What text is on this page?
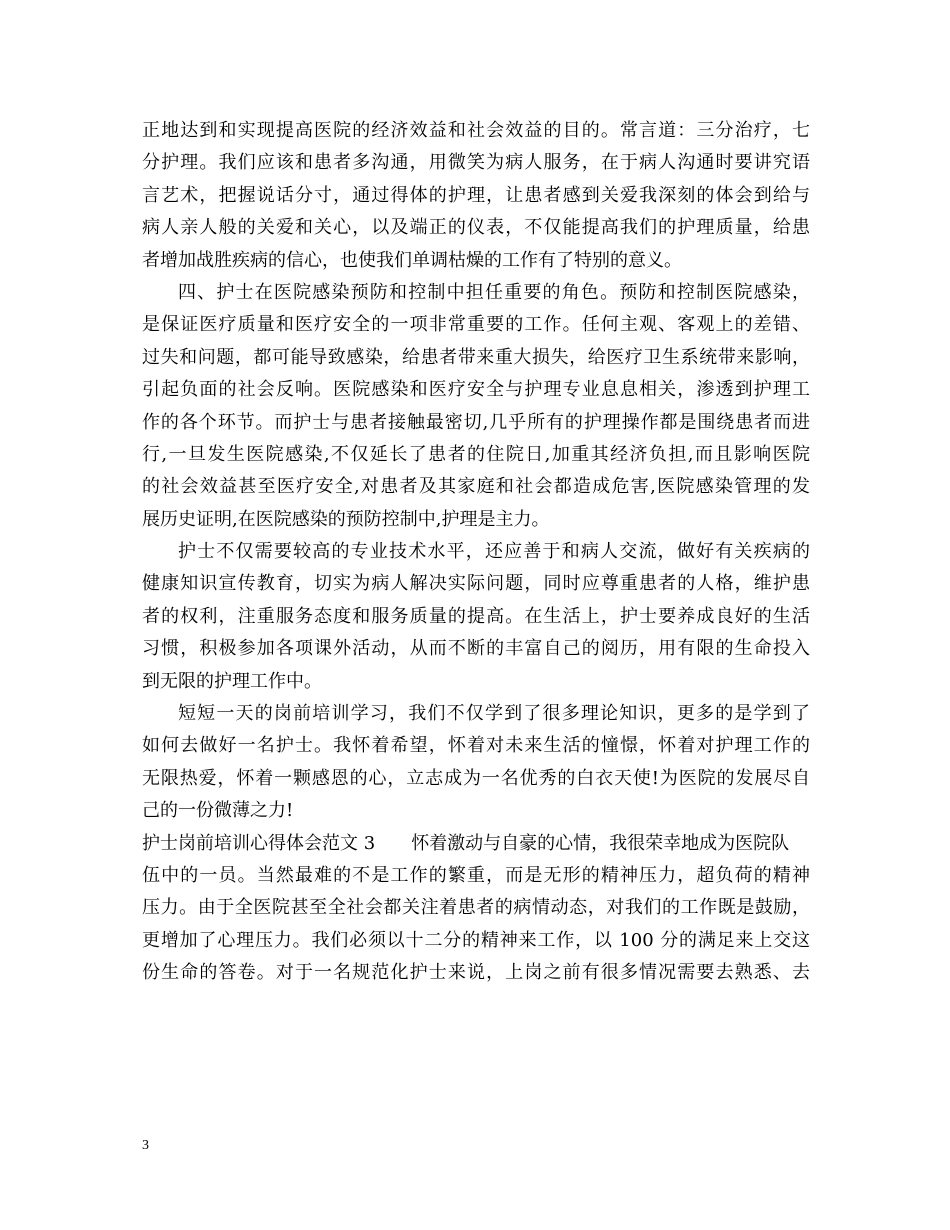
正地达到和实现提高医院的经济效益和社会效益的目的。常言道：三分治疗，七
分护理。我们应该和患者多沟通，用微笑为病人服务，在于病人沟通时要讲究语
言艺术，把握说话分寸，通过得体的护理，让患者感到关爱我深刻的体会到给与
病人亲人般的关爱和关心，以及端正的仪表，不仅能提高我们的护理质量，给患
者增加战胜疾病的信心，也使我们单调枯燥的工作有了特别的意义。
四、护士在医院感染预防和控制中担任重要的角色。预防和控制医院感染，
是保证医疗质量和医疗安全的一项非常重要的工作。任何主观、客观上的差错、
过失和问题，都可能导致感染，给患者带来重大损失，给医疗卫生系统带来影响，
引起负面的社会反响。医院感染和医疗安全与护理专业息息相关，渗透到护理工
作的各个环节。而护士与患者接触最密切,几乎所有的护理操作都是围绕患者而进
行,一旦发生医院感染,不仅延长了患者的住院日,加重其经济负担,而且影响医院
的社会效益甚至医疗安全,对患者及其家庭和社会都造成危害,医院感染管理的发
展历史证明,在医院感染的预防控制中,护理是主力。
护士不仅需要较高的专业技术水平，还应善于和病人交流，做好有关疾病的
健康知识宣传教育，切实为病人解决实际问题，同时应尊重患者的人格，维护患
者的权利，注重服务态度和服务质量的提高。在生活上，护士要养成良好的生活
习惯，积极参加各项课外活动，从而不断的丰富自己的阅历，用有限的生命投入
到无限的护理工作中。
短短一天的岗前培训学习，我们不仅学到了很多理论知识，更多的是学到了
如何去做好一名护士。我怀着希望，怀着对未来生活的憧憬，怀着对护理工作的
无限热爱，怀着一颗感恩的心，立志成为一名优秀的白衣天使!为医院的发展尽自
己的一份微薄之力!
护士岗前培训心得体会范文 3 怀着激动与自豪的心情，我很荣幸地成为医院队
伍中的一员。当然最难的不是工作的繁重，而是无形的精神压力，超负荷的精神
压力。由于全医院甚至全社会都关注着患者的病情动态，对我们的工作既是鼓励，
更增加了心理压力。我们必须以十二分的精神来工作，以 100 分的满足来上交这
份生命的答卷。对于一名规范化护士来说，上岗之前有很多情况需要去熟悉、去
3
